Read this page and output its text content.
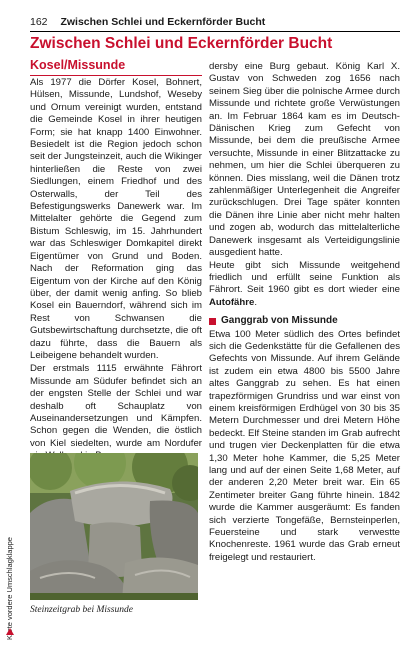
162 Zwischen Schlei und Eckernförder Bucht
Zwischen Schlei und Eckernförder Bucht
Kosel/Missunde

Als 1977 die Dörfer Kosel, Bohnert, Hülsen, Missunde, Lundshof, Weseby und Ornum vereinigt wurden, entstand die Gemeinde Kosel in ihrer heutigen Form; sie hat knapp 1400 Einwohner. Besiedelt ist die Region jedoch schon seit der Jungsteinzeit, auch die Wikinger hinterließen die Reste von zwei Siedlungen, einem Friedhof und des Osterwalls, der Teil des Befestigungswerks Danewerk war. Im Mittelalter gehörte die Gegend zum Bistum Schleswig, im 15. Jahrhundert war das Schleswiger Domkapitel direkt Eigentümer von Grund und Boden. Nach der Reformation ging das Eigentum von der Kirche auf den König über, der damit wenig anfing. So blieb Kosel ein Bauerndorf, während sich im Rest von Schwansen die Gutsbewirtschaftung durchsetzte, die oft dazu führte, dass die Bauern als Leibeigene behandelt wurden.

Der erstmals 1115 erwähnte Fährort Missunde am Südufer befindet sich an der engsten Stelle der Schlei und war deshalb oft Schauplatz von Auseinandersetzungen und Kämpfen. Schon gegen die Wenden, die östlich von Kiel siedelten, wurde am Nordufer

Steinzeitgrab bei Missunde

dersby eine Burg gebaut. König Karl X. Gustav von Schweden zog 1656 nach seinem Sieg über die polnische Armee durch Missunde und richtete große Verwüstungen an. Im Februar 1864 kam es im Deutsch-Dänischen Krieg zum Gefecht von Missunde, bei dem die preußische Armee versuchte, Missunde in einer Blitzattacke zu nehmen, um hier die Schlei überqueren zu können. Dies misslang, weil die Dänen trotz zahlenmäßiger Unterlegenheit die Angreifer zurückschlugen. Drei Tage später konnten die Dänen ihre Linie aber nicht mehr halten und zogen ab, wodurch das mittelalterliche Danewerk insgesamt als Verteidigungslinie ausgedient hatte.

Heute gibt sich Missunde weitgehend friedlich und erfüllt seine Funktion als Fährort. Seit 1960 gibt es dort wieder eine Autofähre.

Ganggrab von Missunde

Etwa 100 Meter südlich des Ortes befindet sich die Gedenkstätte für die Gefallenen des Gefechts von Missunde. Auf ihrem Gelände ist zudem ein etwa 4800 bis 5500 Jahre altes Ganggrab zu sehen. Es hat einen trapezförmigen Grundriss und war einst von einem kreisförmigen Erdhügel von 30 bis 35 Metern Durchmesser und drei Metern Höhe bedeckt. Elf Steine standen im Grab aufrecht und trugen vier Deckenplatten für die etwa 1,30 Meter hohe Kammer, die 5,25 Meter lang und auf der einen Seite 1,68 Meter, auf der anderen 2,20 Meter breit war. Ein 65 Zentimeter breiter Gang führte hinein. 1842 wurde die Kammer ausgeräumt: Es fanden sich verzierte Tongefäße, Bernsteinperlen, Feuersteine und stark verwestte Knochenreste. 1961 wurde das Grab erneut freigelegt und restauriert.

Karte vordere Umschlagklappe
